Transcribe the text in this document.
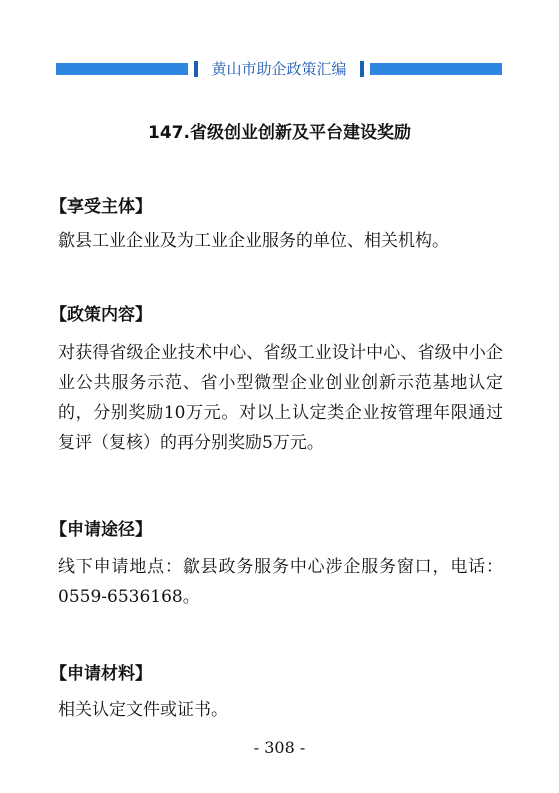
黄山市助企政策汇编
147.省级创业创新及平台建设奖励
【享受主体】
歙县工业企业及为工业企业服务的单位、相关机构。
【政策内容】
对获得省级企业技术中心、省级工业设计中心、省级中小企业公共服务示范、省小型微型企业创业创新示范基地认定的，分别奖励10万元。对以上认定类企业按管理年限通过复评（复核）的再分别奖励5万元。
【申请途径】
线下申请地点：歙县政务服务中心涉企服务窗口，电话：0559-6536168。
【申请材料】
相关认定文件或证书。
- 308 -
